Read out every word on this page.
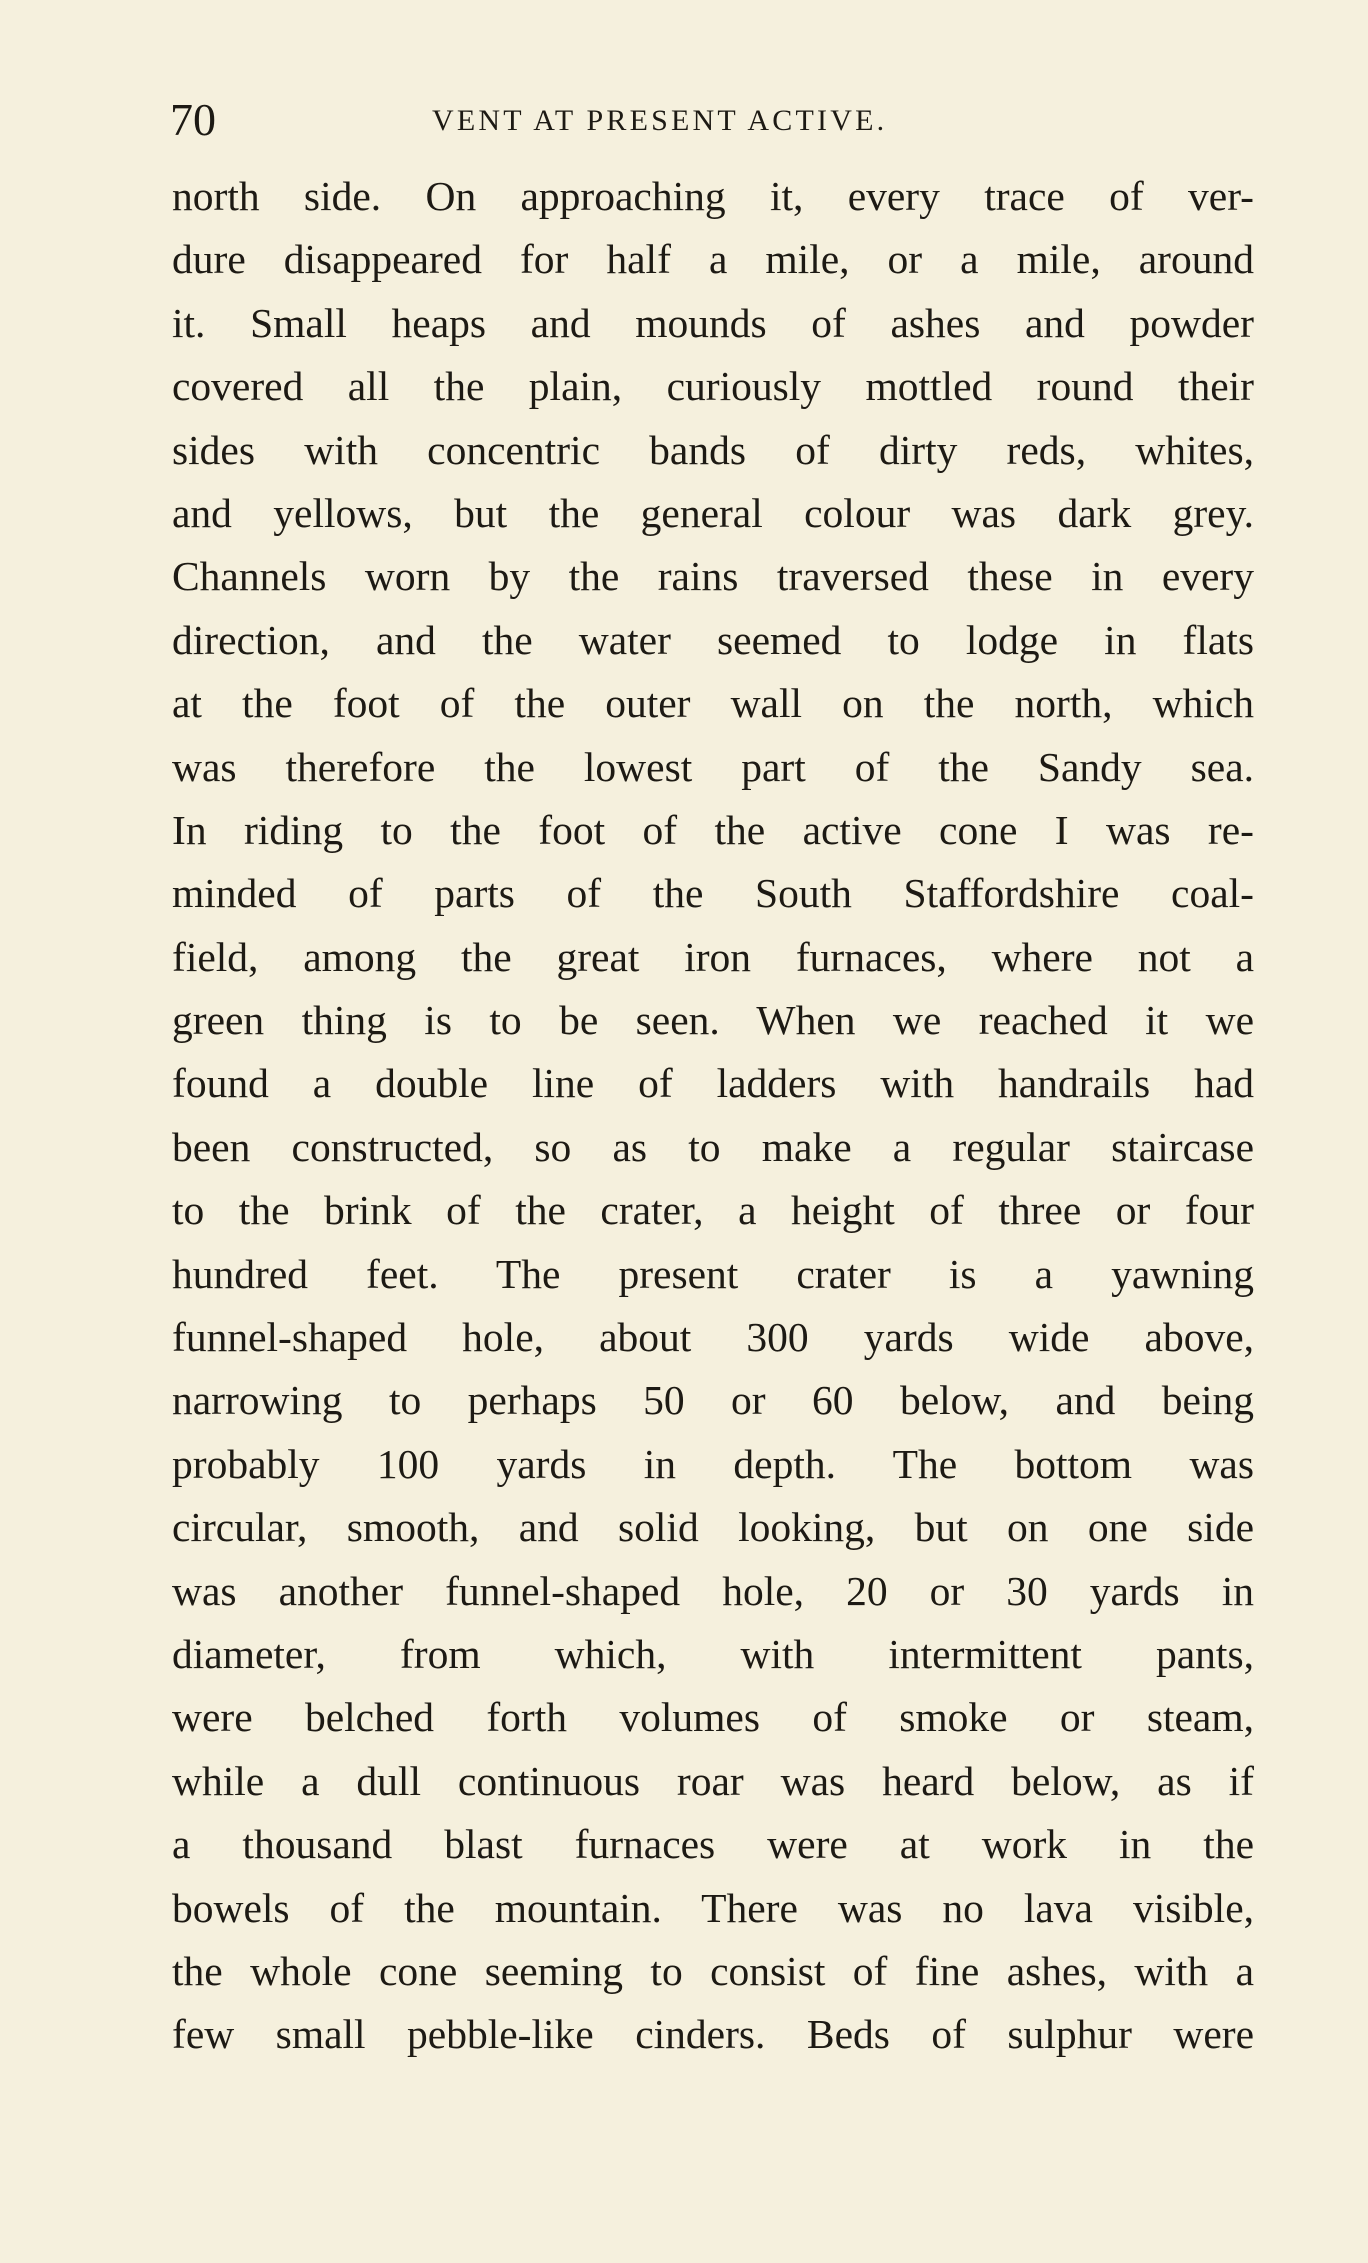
70	VENT AT PRESENT ACTIVE.
north side. On approaching it, every trace of ver-
dure disappeared for half a mile, or a mile, around
it. Small heaps and mounds of ashes and powder
covered all the plain, curiously mottled round their
sides with concentric bands of dirty reds, whites,
and yellows, but the general colour was dark grey.
Channels worn by the rains traversed these in every
direction, and the water seemed to lodge in flats
at the foot of the outer wall on the north, which
was therefore the lowest part of the Sandy sea.
In riding to the foot of the active cone I was re-
minded of parts of the South Staffordshire coal-
field, among the great iron furnaces, where not a
green thing is to be seen. When we reached it we
found a double line of ladders with handrails had
been constructed, so as to make a regular staircase
to the brink of the crater, a height of three or four
hundred feet. The present crater is a yawning
funnel-shaped hole, about 300 yards wide above,
narrowing to perhaps 50 or 60 below, and being
probably 100 yards in depth. The bottom was
circular, smooth, and solid looking, but on one side
was another funnel-shaped hole, 20 or 30 yards in
diameter, from which, with intermittent pants,
were belched forth volumes of smoke or steam,
while a dull continuous roar was heard below, as if
a thousand blast furnaces were at work in the
bowels of the mountain. There was no lava visible,
the whole cone seeming to consist of fine ashes, with a
few small pebble-like cinders. Beds of sulphur were
